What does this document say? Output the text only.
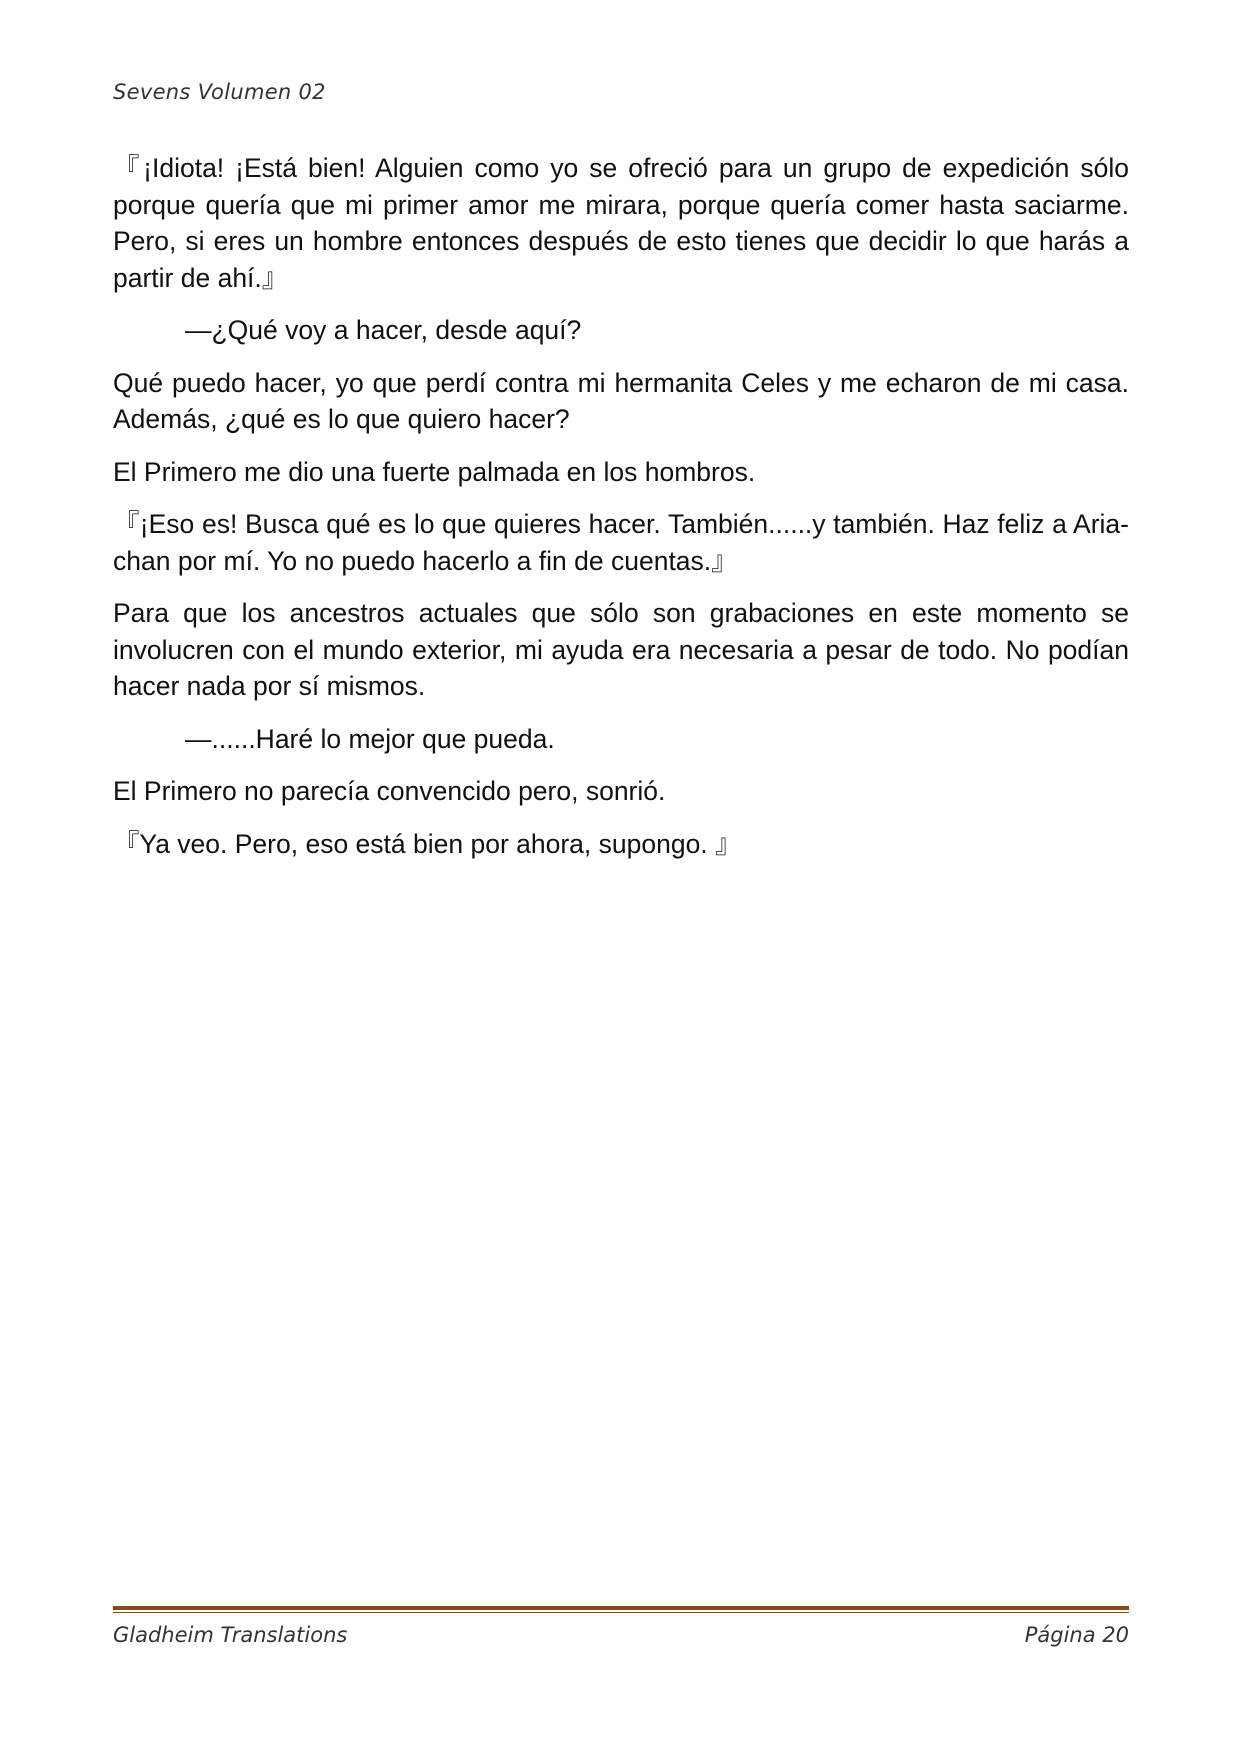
Sevens Volumen 02

『¡Idiota! ¡Está bien! Alguien como yo se ofreció para un grupo de expedición sólo porque quería que mi primer amor me mirara, porque quería comer hasta saciarme. Pero, si eres un hombre entonces después de esto tienes que decidir lo que harás a partir de ahí.』

—¿Qué voy a hacer, desde aquí?

Qué puedo hacer, yo que perdí contra mi hermanita Celes y me echaron de mi casa. Además, ¿qué es lo que quiero hacer?

El Primero me dio una fuerte palmada en los hombros.

『¡Eso es! Busca qué es lo que quieres hacer. También......y también. Haz feliz a Aria-chan por mí. Yo no puedo hacerlo a fin de cuentas.』

Para que los ancestros actuales que sólo son grabaciones en este momento se involucren con el mundo exterior, mi ayuda era necesaria a pesar de todo. No podían hacer nada por sí mismos.

—......Haré lo mejor que pueda.

El Primero no parecía convencido pero, sonrió.

『Ya veo. Pero, eso está bien por ahora, supongo. 』

Gladheim Translations	Página 20
